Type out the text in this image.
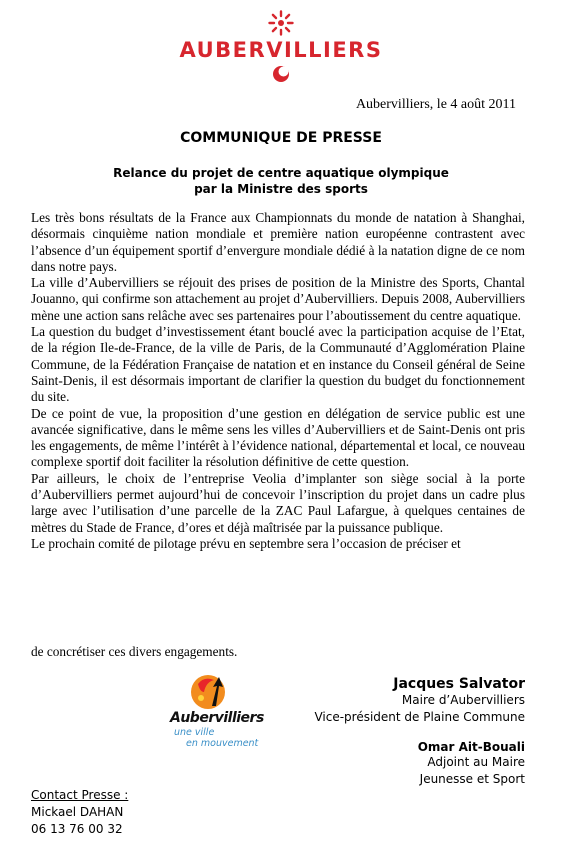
AUBERVILLIERS
Aubervilliers, le 4 août 2011
COMMUNIQUE DE PRESSE
Relance du projet de centre aquatique olympique
par la Ministre des sports

Les très bons résultats de la France aux Championnats du monde de natation à Shanghai, désormais cinquième nation mondiale et première nation européenne contrastent avec l’absence d’un équipement sportif d’envergure mondiale dédié à la natation digne de ce nom dans notre pays.

La ville d’Aubervilliers se réjouit des prises de position de la Ministre des Sports, Chantal Jouanno, qui confirme son attachement au projet d’Aubervilliers. Depuis 2008, Aubervilliers mène une action sans relâche avec ses partenaires pour l’aboutissement du centre aquatique.

La question du budget d’investissement étant bouclé avec la participation acquise de l’Etat, de la région Ile-de-France, de la ville de Paris, de la Communauté d’Agglomération Plaine Commune, de la Fédération Française de natation et en instance du Conseil général de Seine Saint-Denis, il est désormais important de clarifier la question du budget du fonctionnement du site.

De ce point de vue, la proposition d’une gestion en délégation de service public est une avancée significative, dans le même sens les villes d’Aubervilliers et de Saint-Denis ont pris les engagements, de même l’intérêt à l’évidence national, départemental et local, ce nouveau complexe sportif doit faciliter la résolution définitive de cette question.

Par ailleurs, le choix de l’entreprise Veolia d’implanter son siège social à la porte d’Aubervilliers permet aujourd’hui de concevoir l’inscription du projet dans un cadre plus large avec l’utilisation d’une parcelle de la ZAC Paul Lafargue, à quelques centaines de mètres du Stade de France, d’ores et déjà maîtrisée par la puissance publique.

Le prochain comité de pilotage prévu en septembre sera l’occasion de préciser et

de concrétiser ces divers engagements.
Aubervilliers
une ville
en mouvement
Jacques Salvator
Maire d’Aubervilliers
Vice-président de Plaine Commune
Omar Ait-Bouali
Adjoint au Maire
Jeunesse et Sport
Contact Presse :
Mickael DAHAN
06 13 76 00 32
